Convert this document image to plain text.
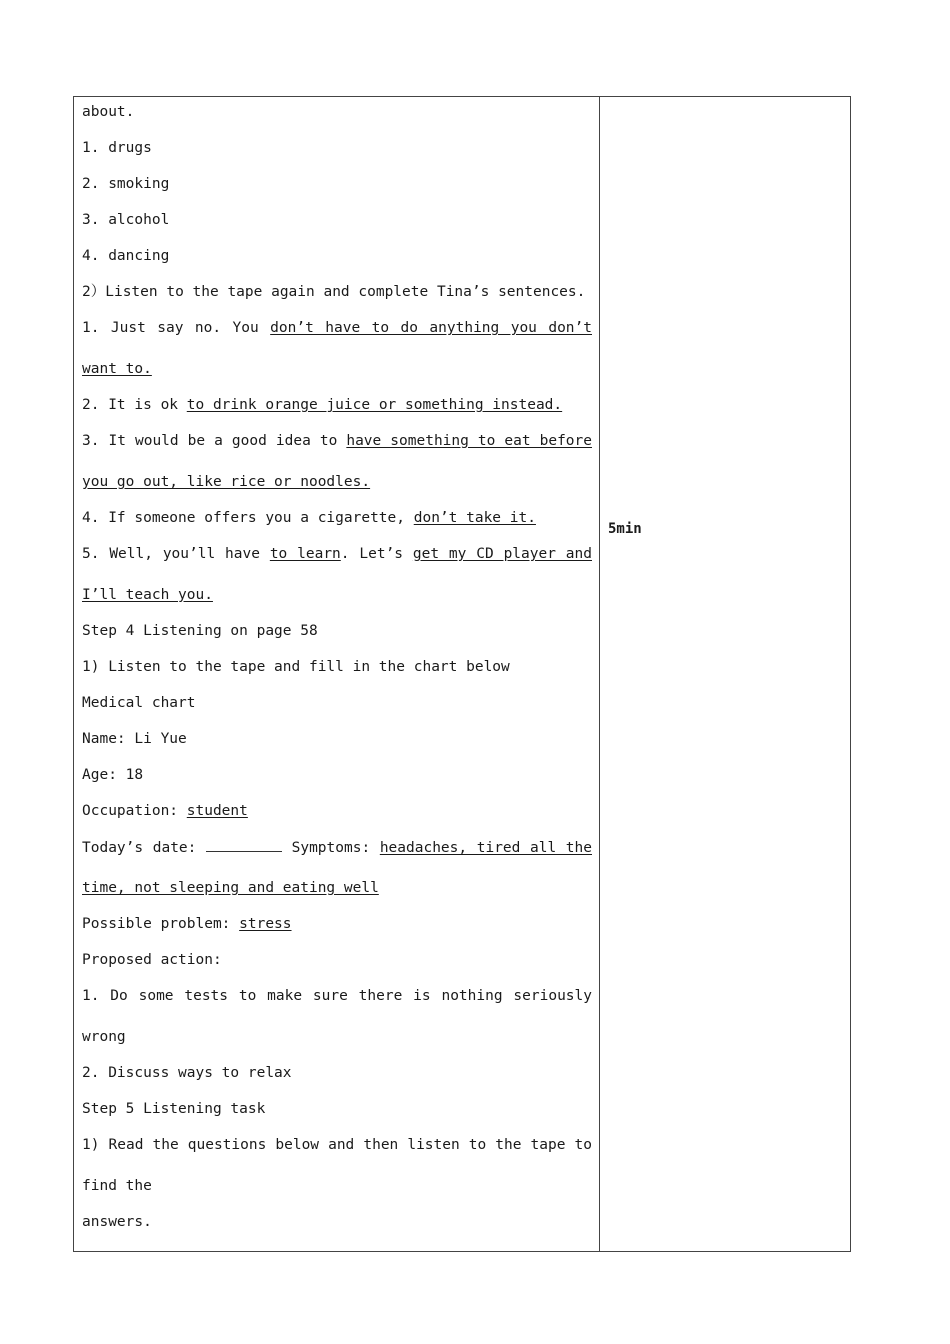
about.
1. drugs
2. smoking
3. alcohol
4. dancing
2）Listen to the tape again and complete Tina’s sentences.
1. Just say no. You don’t have to do anything you don’t
want to.
2. It is ok to drink orange juice or something instead.
3. It would be a good idea to have something to eat before
you go out, like rice or noodles.
4. If someone offers you a cigarette, don’t take it.
5. Well, you’ll have to learn. Let’s get my CD player and
I’ll teach you.
Step 4 Listening on page 58
1) Listen to the tape and fill in the chart below
Medical chart
Name: Li Yue
Age: 18
Occupation: student
Today’s date:	Symptoms: headaches, tired all the
time, not sleeping and eating well
Possible problem: stress
Proposed action:
1. Do some tests to make sure there is nothing seriously
wrong
2. Discuss ways to relax
Step 5 Listening task
1) Read the questions below and then listen to the tape to
find the
answers.
5min
